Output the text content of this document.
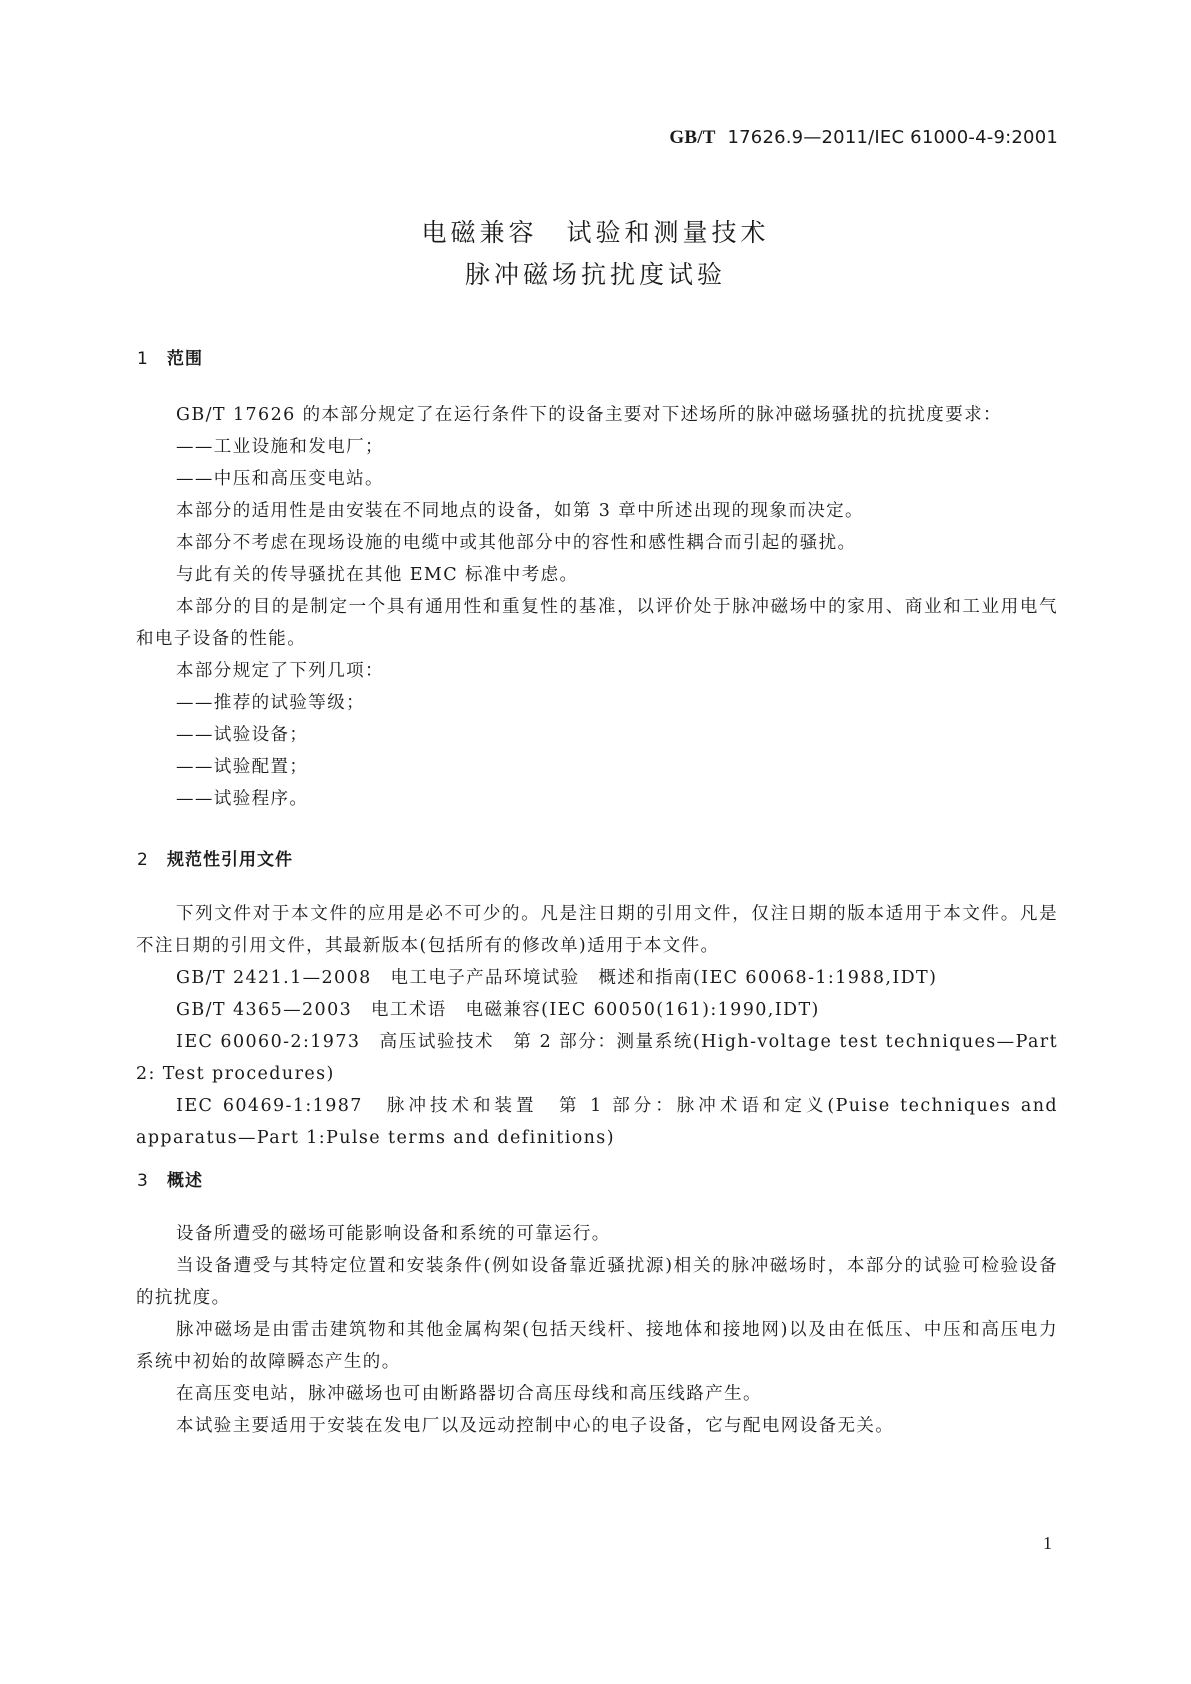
GB/T 17626.9—2011/IEC 61000-4-9:2001
电磁兼容　试验和测量技术
脉冲磁场抗扰度试验
1 范围

GB/T 17626 的本部分规定了在运行条件下的设备主要对下述场所的脉冲磁场骚扰的抗扰度要求：

——工业设施和发电厂；

——中压和高压变电站。

本部分的适用性是由安装在不同地点的设备，如第 3 章中所述出现的现象而决定。

本部分不考虑在现场设施的电缆中或其他部分中的容性和感性耦合而引起的骚扰。

与此有关的传导骚扰在其他 EMC 标准中考虑。

本部分的目的是制定一个具有通用性和重复性的基准，以评价处于脉冲磁场中的家用、商业和工业用电气和电子设备的性能。

本部分规定了下列几项：

——推荐的试验等级；

——试验设备；

——试验配置；

——试验程序。

2 规范性引用文件

下列文件对于本文件的应用是必不可少的。凡是注日期的引用文件，仅注日期的版本适用于本文件。凡是不注日期的引用文件，其最新版本(包括所有的修改单)适用于本文件。

GB/T 2421.1—2008　电工电子产品环境试验　概述和指南(IEC 60068-1:1988,IDT)

GB/T 4365—2003　电工术语　电磁兼容(IEC 60050(161):1990,IDT)

IEC 60060-2:1973　高压试验技术　第 2 部分：测量系统(High-voltage test techniques—Part 2: Test procedures)

IEC 60469-1:1987　脉冲技术和装置　第 1 部分：脉冲术语和定义(Puise techniques and apparatus—Part 1:Pulse terms and definitions)

3 概述

设备所遭受的磁场可能影响设备和系统的可靠运行。

当设备遭受与其特定位置和安装条件(例如设备靠近骚扰源)相关的脉冲磁场时，本部分的试验可检验设备的抗扰度。

脉冲磁场是由雷击建筑物和其他金属构架(包括天线杆、接地体和接地网)以及由在低压、中压和高压电力系统中初始的故障瞬态产生的。

在高压变电站，脉冲磁场也可由断路器切合高压母线和高压线路产生。

本试验主要适用于安装在发电厂以及远动控制中心的电子设备，它与配电网设备无关。

1
